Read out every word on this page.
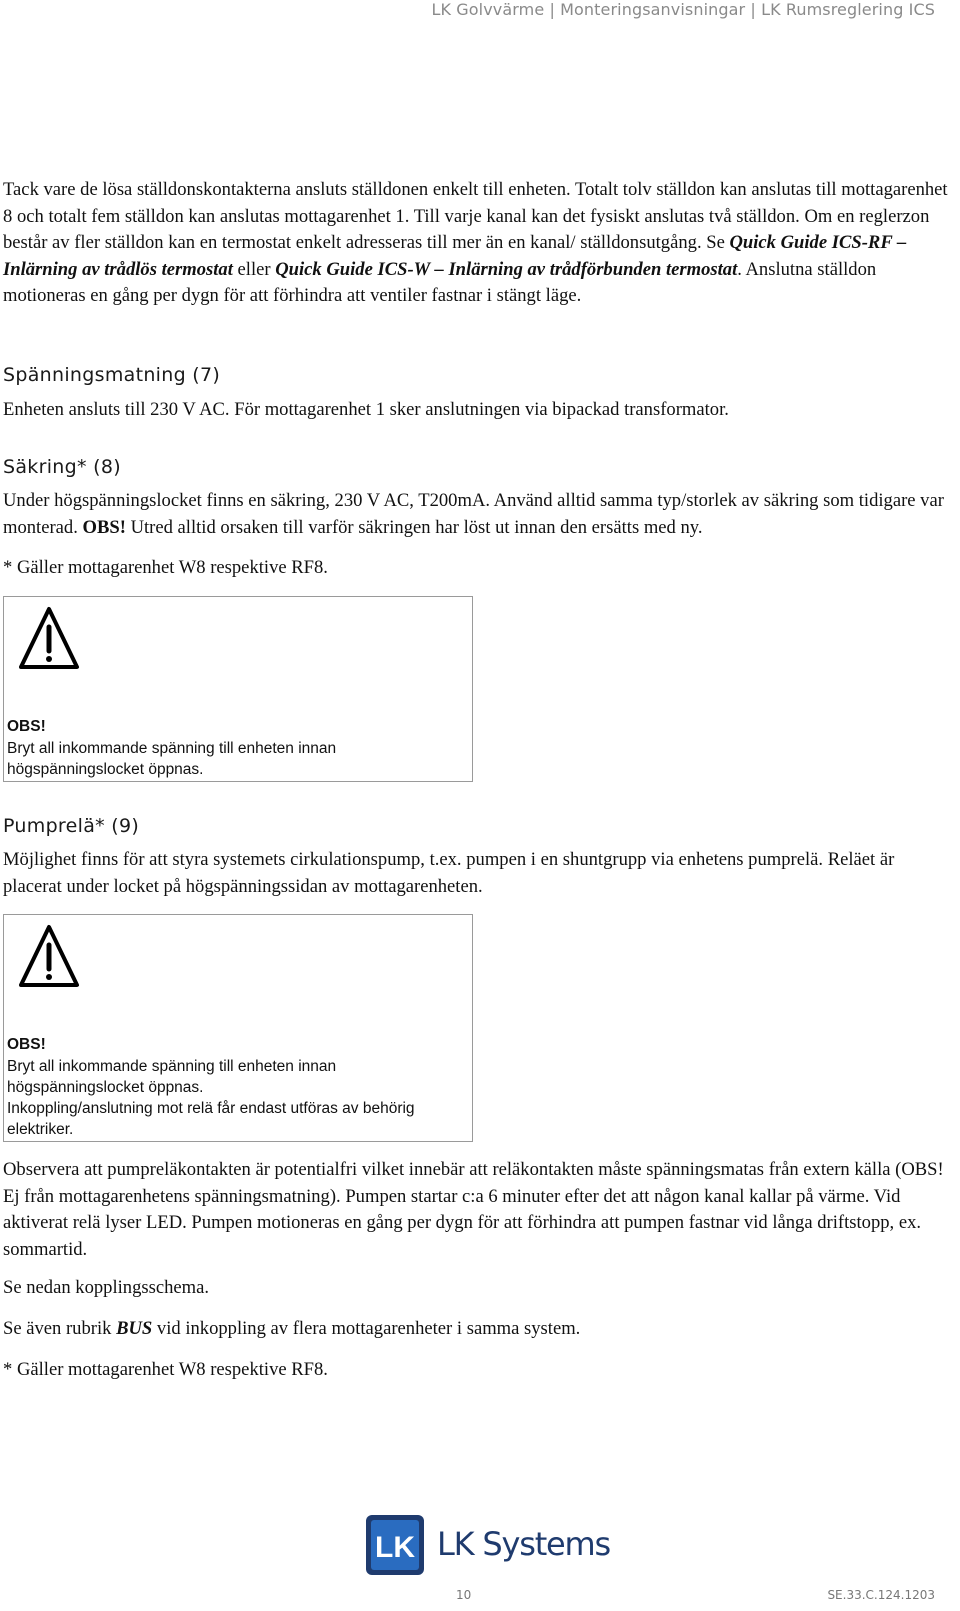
LK Golvvärme | Monteringsanvisningar | LK Rumsreglering ICS

Tack vare de lösa ställdonskontakterna ansluts ställdonen enkelt till enheten. Totalt tolv ställdon kan anslutas till mottagarenhet 8 och totalt fem ställdon kan anslutas mottagarenhet 1. Till varje kanal kan det fysiskt anslutas två ställdon. Om en reglerzon består av fler ställdon kan en termostat enkelt adresseras till mer än en kanal/ ställdonsutgång. Se Quick Guide ICS-RF – Inlärning av trådlös termostat eller Quick Guide ICS-W – Inlärning av trådförbunden termostat. Anslutna ställdon motioneras en gång per dygn för att förhindra att ventiler fastnar i stängt läge.

Spänningsmatning (7)

Enheten ansluts till 230 V AC. För mottagarenhet 1 sker anslutningen via bipackad transformator.

Säkring* (8)

Under högspänningslocket finns en säkring, 230 V AC, T200mA. Använd alltid samma typ/storlek av säkring som tidigare var monterad. OBS! Utred alltid orsaken till varför säkringen har löst ut innan den ersätts med ny.

* Gäller mottagarenhet W8 respektive RF8.

OBS!
Bryt all inkommande spänning till enheten innan
högspänningslocket öppnas.
Pumprelä* (9)

Möjlighet finns för att styra systemets cirkulationspump, t.ex. pumpen i en shuntgrupp via enhetens pumprelä. Reläet är placerat under locket på högspänningssidan av mottagarenheten.

OBS!
Bryt all inkommande spänning till enheten innan
högspänningslocket öppnas.
Inkoppling/anslutning mot relä får endast utföras av behörig
elektriker.

Observera att pumpreläkontakten är potentialfri vilket innebär att reläkontakten måste spänningsmatas från extern källa (OBS! Ej från mottagarenhetens spänningsmatning). Pumpen startar c:a 6 minuter efter det att någon kanal kallar på värme. Vid aktiverat relä lyser LED. Pumpen motioneras en gång per dygn för att förhindra att pumpen fastnar vid långa driftstopp, ex. sommartid.

Se nedan kopplingsschema.

Se även rubrik BUS vid inkoppling av flera mottagarenheter i samma system.

* Gäller mottagarenhet W8 respektive RF8.

LK LK Systems
10	SE.33.C.124.1203
